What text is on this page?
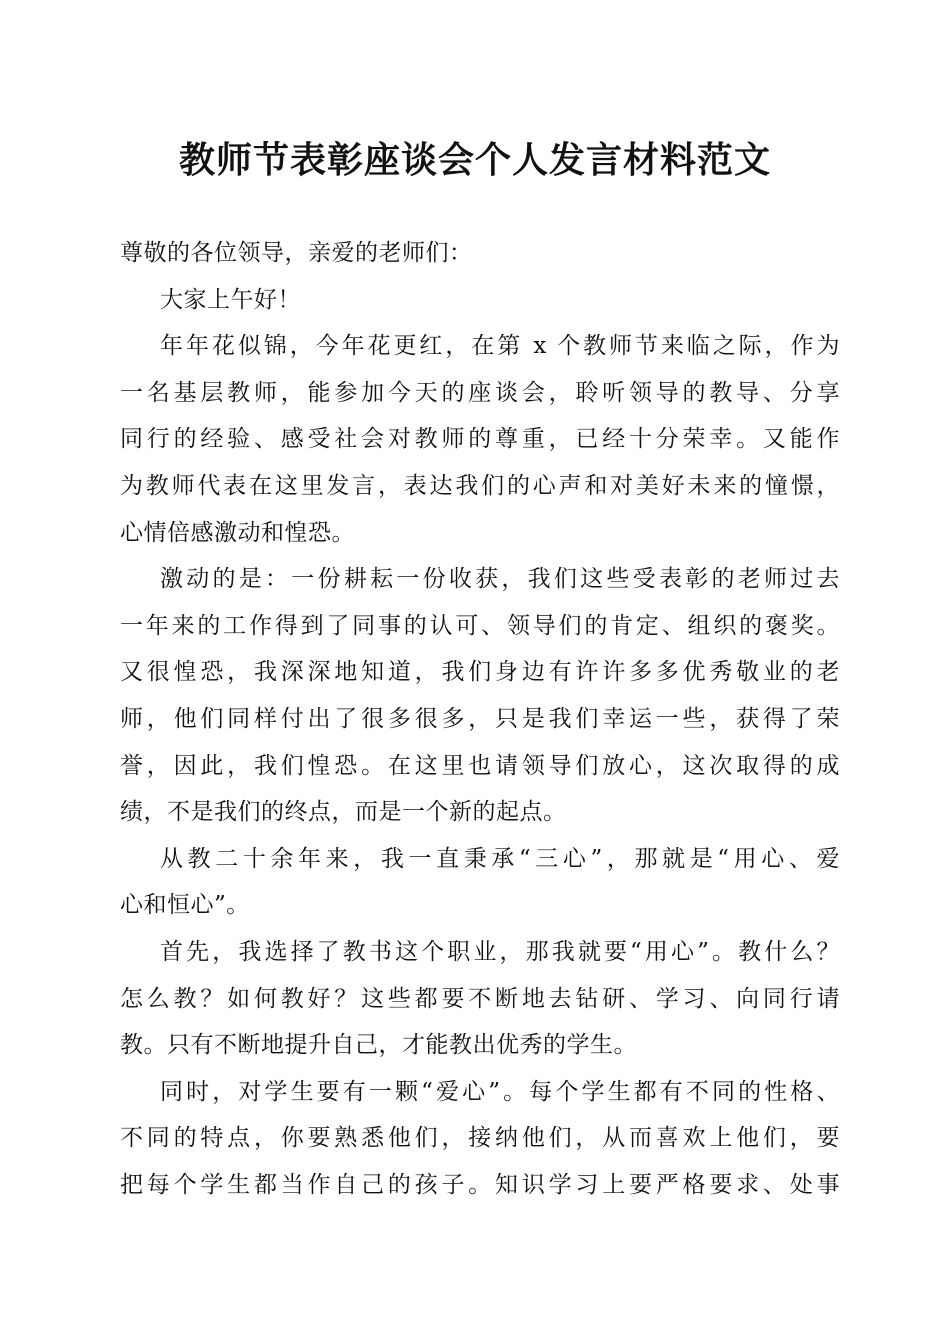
教师节表彰座谈会个人发言材料范文

尊敬的各位领导，亲爱的老师们：

大家上午好！

年年花似锦，今年花更红，在第 x 个教师节来临之际，作为
一名基层教师，能参加今天的座谈会，聆听领导的教导、分享
同行的经验、感受社会对教师的尊重，已经十分荣幸。又能作
为教师代表在这里发言，表达我们的心声和对美好未来的憧憬，
心情倍感激动和惶恐。

激动的是：一份耕耘一份收获，我们这些受表彰的老师过去
一年来的工作得到了同事的认可、领导们的肯定、组织的褒奖。
又很惶恐，我深深地知道，我们身边有许许多多优秀敬业的老
师，他们同样付出了很多很多，只是我们幸运一些，获得了荣
誉，因此，我们惶恐。在这里也请领导们放心，这次取得的成
绩，不是我们的终点，而是一个新的起点。

从教二十余年来，我一直秉承“三心”，那就是“用心、爱
心和恒心”。

首先，我选择了教书这个职业，那我就要“用心”。教什么？
怎么教？如何教好？这些都要不断地去钻研、学习、向同行请
教。只有不断地提升自己，才能教出优秀的学生。

同时，对学生要有一颗“爱心”。每个学生都有不同的性格、
不同的特点，你要熟悉他们，接纳他们，从而喜欢上他们，要
把每个学生都当作自己的孩子。知识学习上要严格要求、处事
